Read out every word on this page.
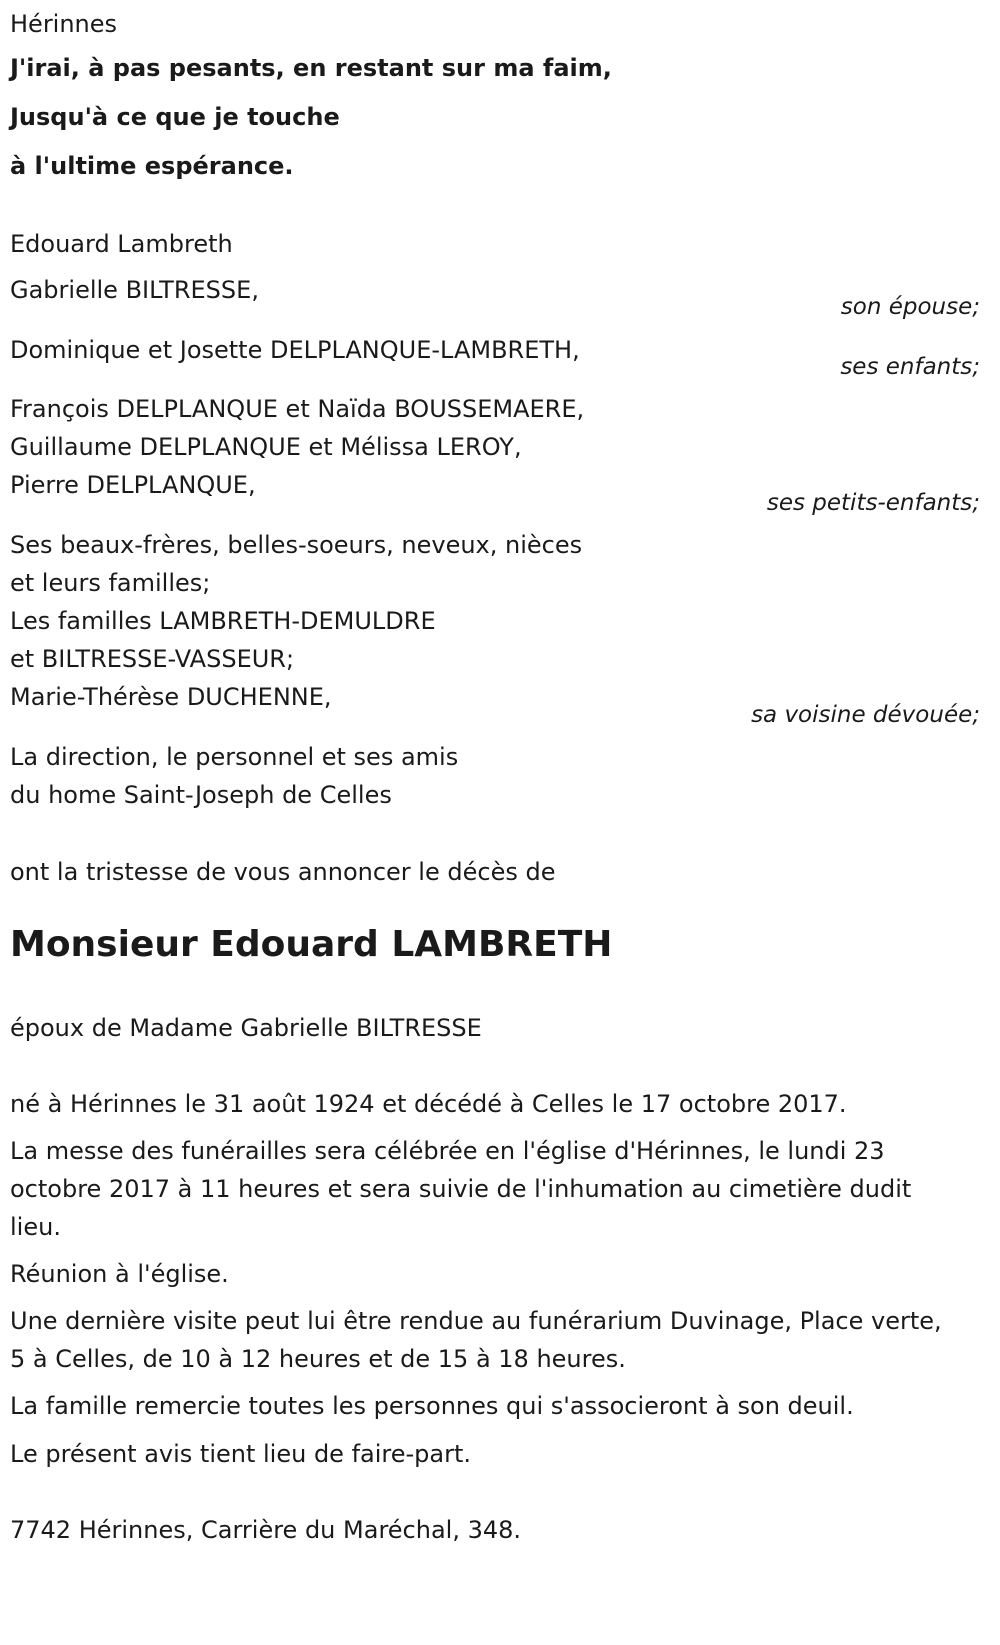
Hérinnes
J'irai, à pas pesants, en restant sur ma faim,
Jusqu'à ce que je touche
à l'ultime espérance.
Edouard Lambreth
Gabrielle BILTRESSE,
son épouse;
Dominique et Josette DELPLANQUE-LAMBRETH,
ses enfants;
François DELPLANQUE et Naïda BOUSSEMAERE,
Guillaume DELPLANQUE et Mélissa LEROY,
Pierre DELPLANQUE,
ses petits-enfants;
Ses beaux-frères, belles-soeurs, neveux, nièces
et leurs familles;
Les familles LAMBRETH-DEMULDRE
et BILTRESSE-VASSEUR;
Marie-Thérèse DUCHENNE,
sa voisine dévouée;
La direction, le personnel et ses amis
du home Saint-Joseph de Celles
ont la tristesse de vous annoncer le décès de
Monsieur Edouard LAMBRETH
époux de Madame Gabrielle BILTRESSE
né à Hérinnes le 31 août 1924 et décédé à Celles le 17 octobre 2017.
La messe des funérailles sera célébrée en l'église d'Hérinnes, le lundi 23 octobre 2017 à 11 heures et sera suivie de l'inhumation au cimetière dudit lieu.
Réunion à l'église.
Une dernière visite peut lui être rendue au funérarium Duvinage, Place verte, 5 à Celles, de 10 à 12 heures et de 15 à 18 heures.
La famille remercie toutes les personnes qui s'associeront à son deuil.
Le présent avis tient lieu de faire-part.
7742 Hérinnes, Carrière du Maréchal, 348.
